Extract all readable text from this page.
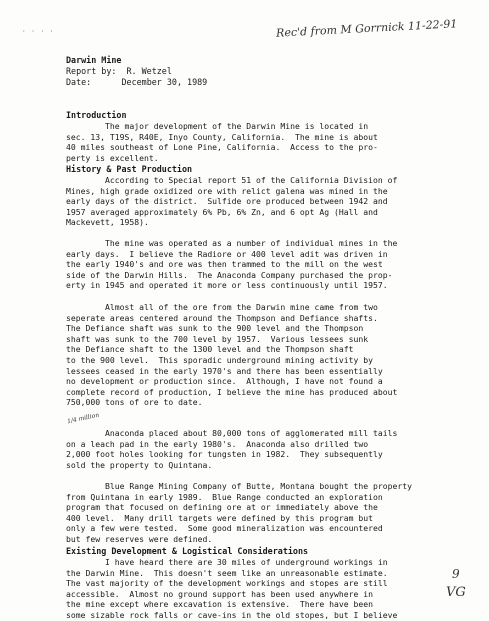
· · · ·	Rec'd from M Gorrnick 11-22-91
Darwin Mine
Report by: R. Wetzel
Date:	December 30, 1989
Introduction
The major development of the Darwin Mine is located in
sec. 13, T19S, R40E, Inyo County, California.  The mine is about
40 miles southeast of Lone Pine, California.  Access to the pro-
perty is excellent.
History & Past Production
According to Special report 51 of the California Division of
Mines, high grade oxidized ore with relict galena was mined in the
early days of the district.  Sulfide ore produced between 1942 and
1957 averaged approximately 6% Pb, 6% Zn, and 6 opt Ag (Hall and
Mackevett, 1958).
The mine was operated as a number of individual mines in the
early days.  I believe the Radiore or 400 level adit was driven in
the early 1940's and ore was then trammed to the mill on the west
side of the Darwin Hills.  The Anaconda Company purchased the prop-
erty in 1945 and operated it more or less continuously until 1957.
Almost all of the ore from the Darwin mine came from two
seperate areas centered around the Thompson and Defiance shafts.
The Defiance shaft was sunk to the 900 level and the Thompson
shaft was sunk to the 700 level by 1957.  Various lessees sunk
the Defiance shaft to the 1300 level and the Thompson shaft
to the 900 level.  This sporadic underground mining activity by
lessees ceased in the early 1970's and there has been essentially
no development or production since.  Although, I have not found a
complete record of production, I believe the mine has produced about
750,000 tons of ore to date.
1/4 million
Anaconda placed about 80,000 tons of agglomerated mill tails
on a leach pad in the early 1980's.  Anaconda also drilled two
2,000 foot holes looking for tungsten in 1982.  They subsequently
sold the property to Quintana.
Blue Range Mining Company of Butte, Montana bought the property
from Quintana in early 1989.  Blue Range conducted an exploration
program that focused on defining ore at or immediately above the
400 level.  Many drill targets were defined by this program but
only a few were tested.  Some good mineralization was encountered
but few reserves were defined.
Existing Development & Logistical Considerations
I have heard there are 30 miles of underground workings in
the Darwin Mine.  This doesn't seem like an unreasonable estimate.
The vast majority of the development workings and stopes are still
accessible.  Almost no ground support has been used anywhere in
the mine except where excavation is extensive.  There have been
some sizable rock falls or cave-ins in the old stopes, but I believe
9
VG
